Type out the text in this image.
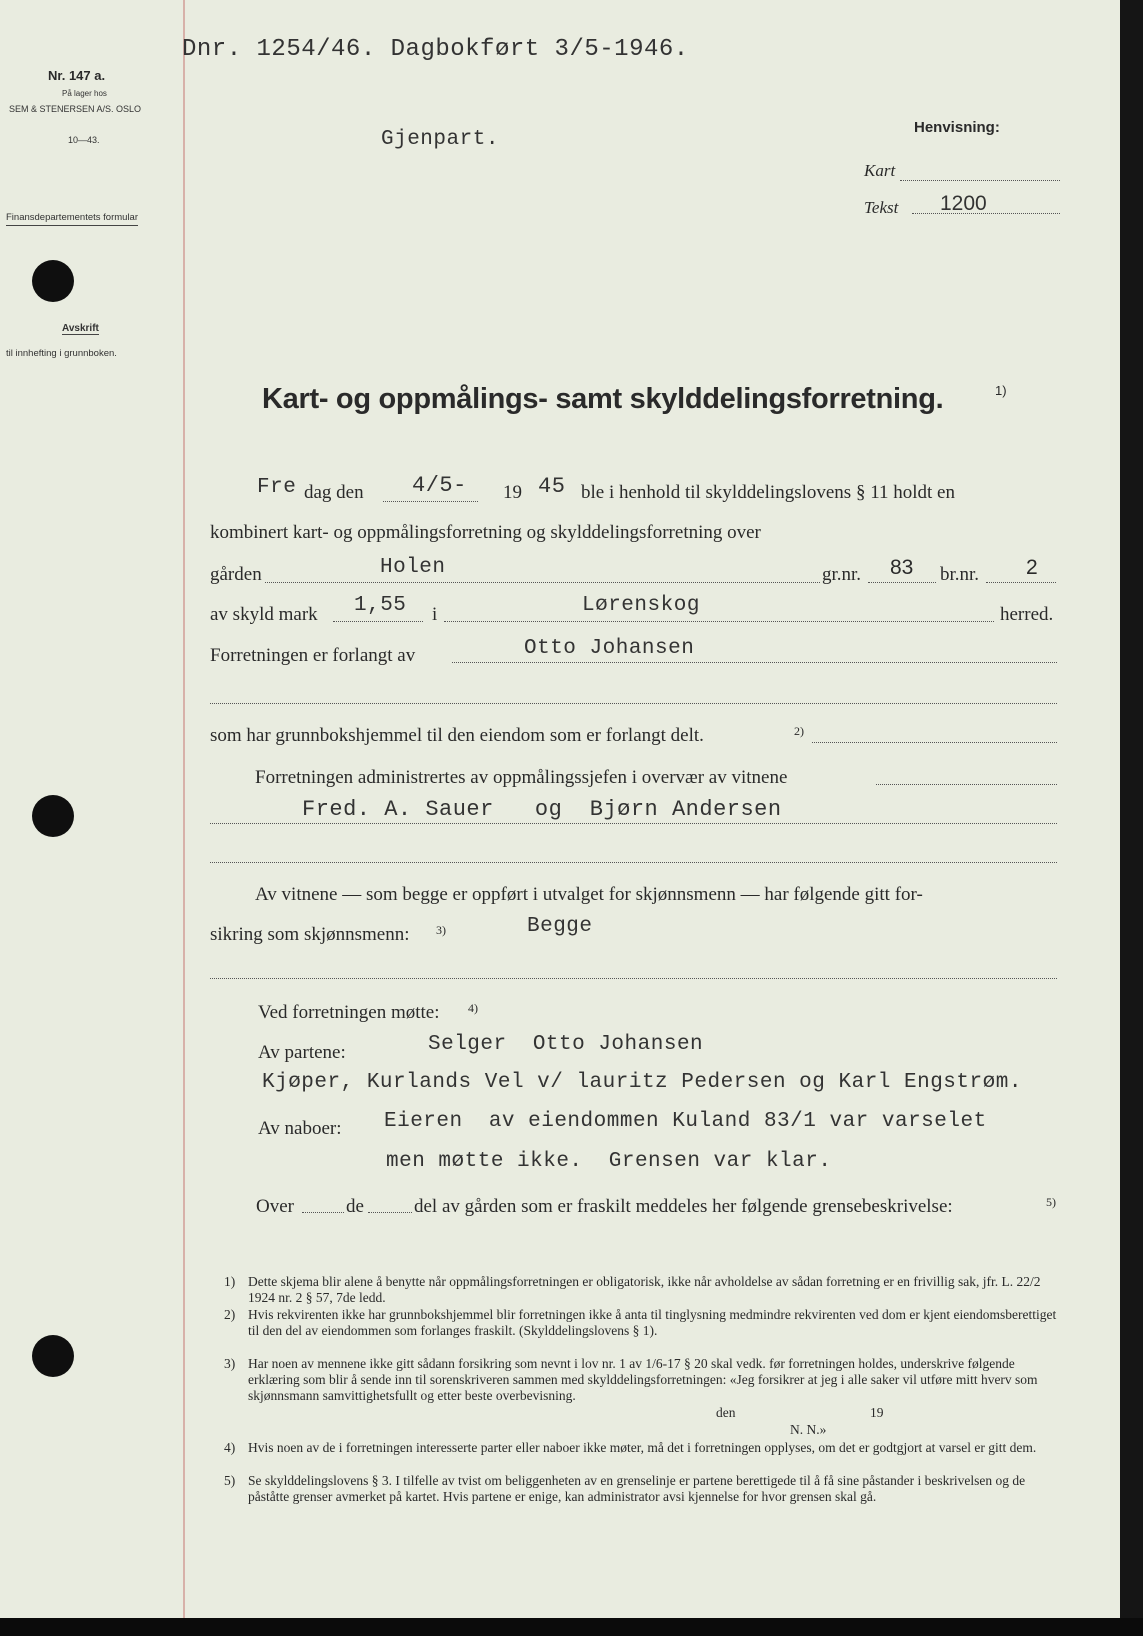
Nr. 147 a.
På lager hos
SEM & STENERSEN A/S. OSLO
10—43.
Finansdepartementets formular
Avskrift
til innhefting i grunnboken.
Dnr. 1254/46. Dagbokført 3/5-1946.
Gjenpart.
Henvisning:
Kart
Tekst 1200
Kart- og oppmålings- samt skylddelingsforretning.	1)
Fre dag den 4/5- 19 45 ble i henhold til skylddelingslovens § 11 holdt en
kombinert kart- og oppmålingsforretning og skylddelingsforretning over
gården	Holen	gr.nr. 83 br.nr. 2
av skyld mark 1,55 i	Lørenskog	herred.
Forretningen er forlangt av	Otto Johansen
som har grunnbokshjemmel til den eiendom som er forlangt delt.	2)
Forretningen administrertes av oppmålingssjefen i overvær av vitnene
Fred. A. Sauer   og  Bjørn Andersen
Av vitnene — som begge er oppført i utvalget for skjønnsmenn — har følgende gitt for-
sikring som skjønnsmenn: 3)	Begge
Ved forretningen møtte: 4)
Av partene:	Selger  Otto Johansen
Kjøper, Kurlands Vel v/ lauritz Pedersen og Karl Engstrøm.
Av naboer: Eieren  av eiendommen Kuland 83/1 var varselet
men møtte ikke.  Grensen var klar.
Over	de	del av gården som er fraskilt meddeles her følgende grensebeskrivelse:	5)
1) Dette skjema blir alene å benytte når oppmålingsforretningen er obligatorisk, ikke når avholdelse av sådan forretning er en frivillig sak, jfr. L. 22/2 1924 nr. 2 § 57, 7de ledd.
2) Hvis rekvirenten ikke har grunnbokshjemmel blir forretningen ikke å anta til tinglysning medmindre rekvirenten ved dom er kjent eiendomsberettiget til den del av eiendommen som forlanges fraskilt. (Skylddelingslovens § 1).
3) Har noen av mennene ikke gitt sådann forsikring som nevnt i lov nr. 1 av 1/6-17 § 20 skal vedk. før forretningen holdes, underskrive følgende erklæring som blir å sende inn til sorenskriveren sammen med skylddelingsforretningen: «Jeg forsikrer at jeg i alle saker vil utføre mitt hverv som skjønnsmann samvittighetsfullt og etter beste overbevisning.
den	19
N. N.»
4) Hvis noen av de i forretningen interesserte parter eller naboer ikke møter, må det i forretningen opplyses, om det er godtgjort at varsel er gitt dem.
5) Se skylddelingslovens § 3. I tilfelle av tvist om beliggenheten av en grenselinje er partene berettigede til å få sine påstander i beskrivelsen og de påståtte grenser avmerket på kartet. Hvis partene er enige, kan administrator avsi kjennelse for hvor grensen skal gå.
